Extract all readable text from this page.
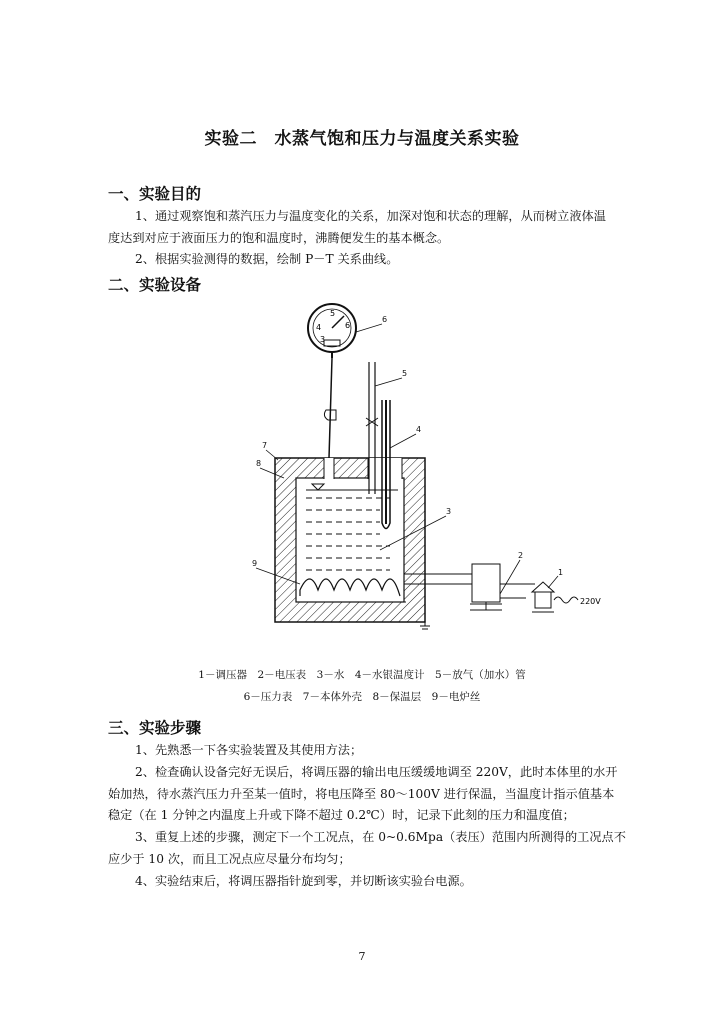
实验二　水蒸气饱和压力与温度关系实验
一、实验目的
1、通过观察饱和蒸汽压力与温度变化的关系，加深对饱和状态的理解，从而树立液体温
度达到对应于液面压力的饱和温度时，沸腾便发生的基本概念。
2、根据实验测得的数据，绘制 P－T 关系曲线。
二、实验设备
4
5
6
3
220V
1
2
3
4
5
6
7
8
9
1－调压器　2－电压表　3－水　4－水银温度计　5－放气（加水）管
6－压力表　7－本体外壳　8－保温层　9－电炉丝
三、实验步骤
1、先熟悉一下各实验装置及其使用方法；
2、检查确认设备完好无误后，将调压器的输出电压缓缓地调至 220V，此时本体里的水开
始加热，待水蒸汽压力升至某一值时，将电压降至 80～100V 进行保温，当温度计指示值基本
稳定（在 1 分钟之内温度上升或下降不超过 0.2℃）时，记录下此刻的压力和温度值；
3、重复上述的步骤，测定下一个工况点，在 0~0.6Mpa（表压）范围内所测得的工况点不
应少于 10 次，而且工况点应尽量分布均匀；
4、实验结束后，将调压器指针旋到零，并切断该实验台电源。
7
